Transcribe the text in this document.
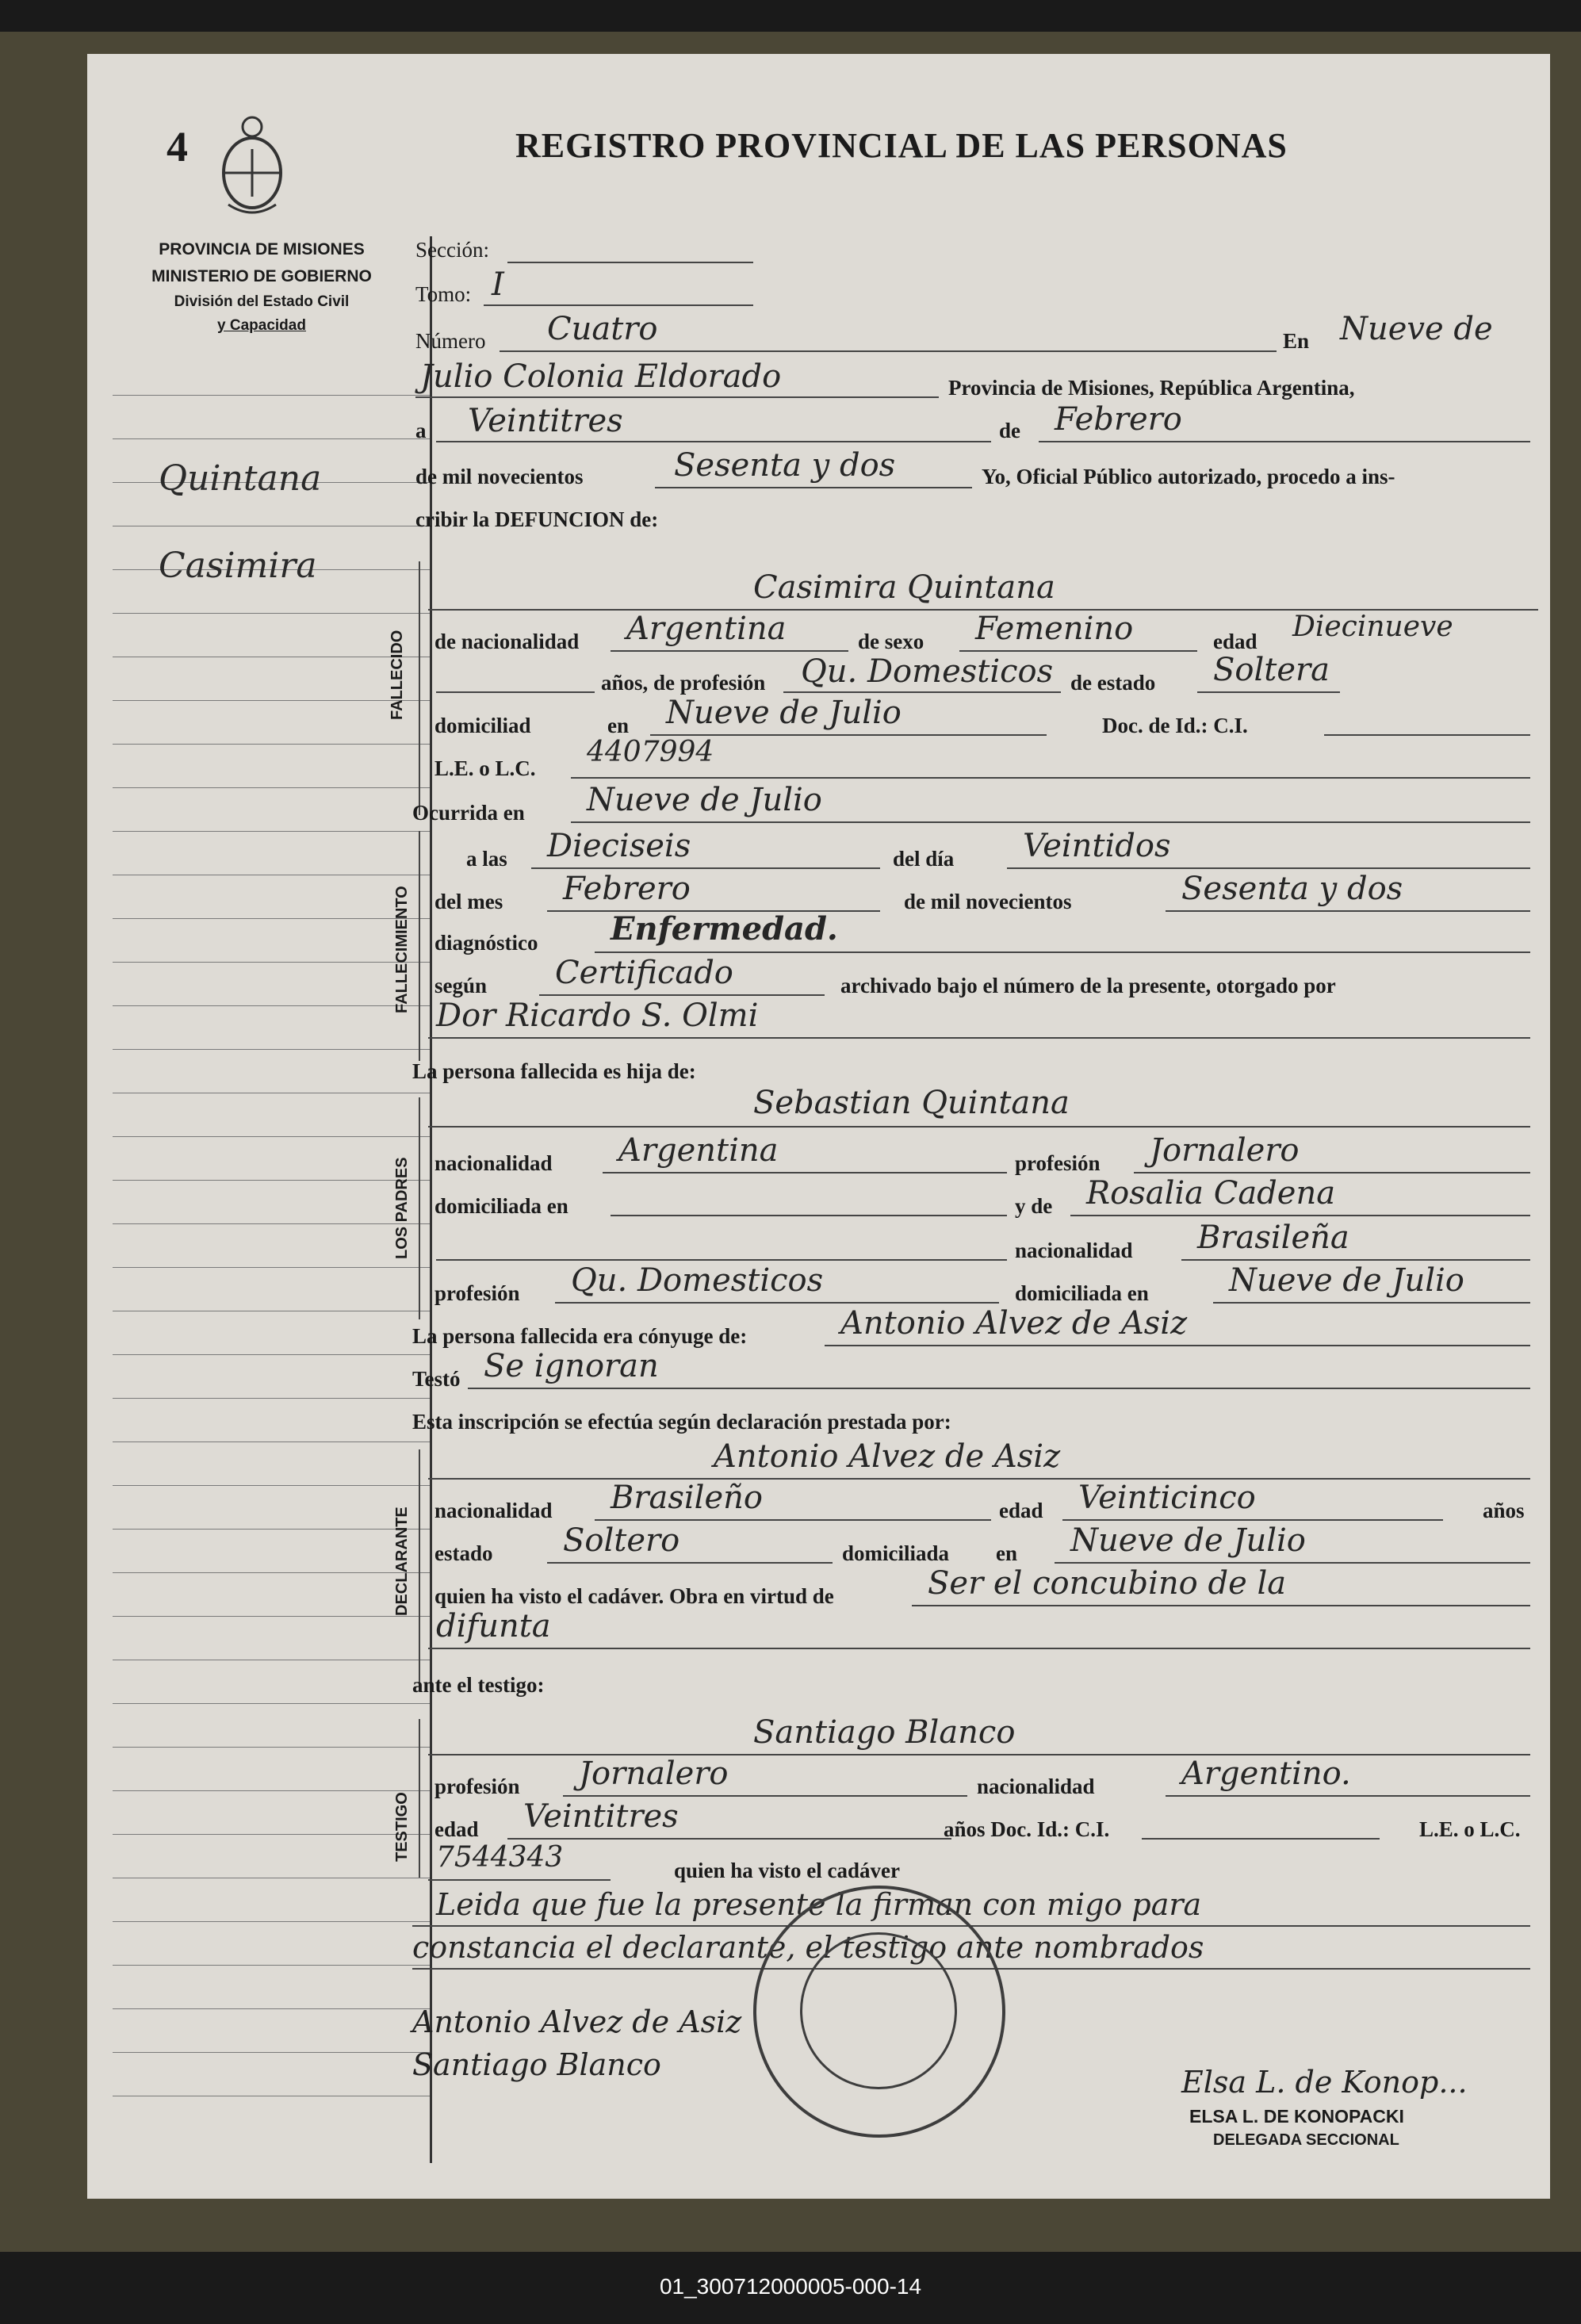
4	REGISTRO PROVINCIAL DE LAS PERSONAS
PROVINCIA DE MISIONES
MINISTERIO DE GOBIERNO
División del Estado Civil
y Capacidad
Quintana
Casimira
Sección:
Tomo: I
Número Cuatro	En Nueve de
Julio Colonia Eldorado	Provincia de Misiones, República Argentina,
a Veintitres	de Febrero
de mil novecientos	Sesenta y dos	Yo, Oficial Público autorizado, procedo a ins-
cribir la DEFUNCION de:
FALLECIDO
Casimira Quintana
de nacionalidad Argentina	de sexo Femenino	edad Diecinueve
años, de profesión Qu. Domesticos de estado Soltera
domiciliad	en Nueve de Julio	Doc. de Id.: C.I.
L.E. o L.C. 4407994
Ocurrida en Nueve de Julio
FALLECIMIENTO
a las Dieciseis	del día Veintidos
del mes Febrero	de mil novecientos	Sesenta y dos
diagnóstico Enfermedad.
según Certificado	archivado bajo el número de la presente, otorgado por
Dor Ricardo S. Olmi
La persona fallecida es hija de:
LOS PADRES
Sebastian Quintana
nacionalidad Argentina	profesión Jornalero
domiciliada en	y de Rosalia Cadena
nacionalidad Brasileña
profesión Qu. Domesticos	domiciliada en	Nueve de Julio
La persona fallecida era cónyuge de:	Antonio Alvez de Asiz
Testó Se ignoran
Esta inscripción se efectúa según declaración prestada por:
DECLARANTE
Antonio Alvez de Asiz
nacionalidad Brasileño	edad Veinticinco	años
estado Soltero	domiciliada en Nueve de Julio
quien ha visto el cadáver. Obra en virtud de	Ser el concubino de la
difunta
ante el testigo:
TESTIGO
Santiago Blanco
profesión Jornalero	nacionalidad	Argentino.
edad Veintitres	años Doc. Id.: C.I.	L.E. o L.C.
7544343	quien ha visto el cadáver
Leida que fue la presente la firman con migo para
constancia el declarante, el testigo ante nombrados
Antonio Alvez de Asiz
Santiago Blanco	Elsa L. de Konop...
ELSA L. DE KONOPACKI
DELEGADA SECCIONAL
01_300712000005-000-14
